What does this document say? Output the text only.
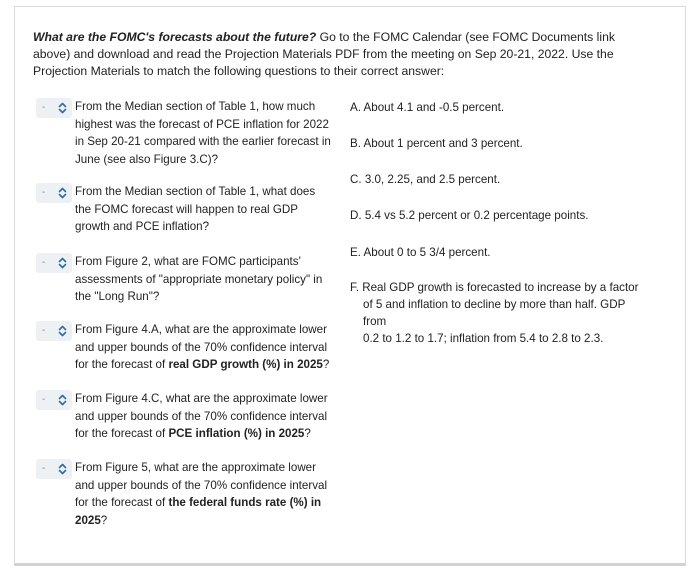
What are the FOMC's forecasts about the future? Go to the FOMC Calendar (see FOMC Documents link above) and download and read the Projection Materials PDF from the meeting on Sep 20-21, 2022. Use the Projection Materials to match the following questions to their correct answer:
-	From the Median section of Table 1, how much highest was the forecast of PCE inflation for 2022 in Sep 20-21 compared with the earlier forecast in June (see also Figure 3.C)?
-	From the Median section of Table 1, what does the FOMC forecast will happen to real GDP growth and PCE inflation?
-	From Figure 2, what are FOMC participants' assessments of "appropriate monetary policy" in the "Long Run"?
-	From Figure 4.A, what are the approximate lower and upper bounds of the 70% confidence interval for the forecast of real GDP growth (%) in 2025?
-	From Figure 4.C, what are the approximate lower and upper bounds of the 70% confidence interval for the forecast of PCE inflation (%) in 2025?
-	From Figure 5, what are the approximate lower and upper bounds of the 70% confidence interval for the forecast of the federal funds rate (%) in 2025?
A. About 4.1 and -0.5 percent.
B. About 1 percent and 3 percent.
C. 3.0, 2.25, and 2.5 percent.
D. 5.4 vs 5.2 percent or 0.2 percentage points.
E. About 0 to 5 3/4 percent.
F. Real GDP growth is forecasted to increase by a factor
of 5 and inflation to decline by more than half. GDP from
0.2 to 1.2 to 1.7; inflation from 5.4 to 2.8 to 2.3.
